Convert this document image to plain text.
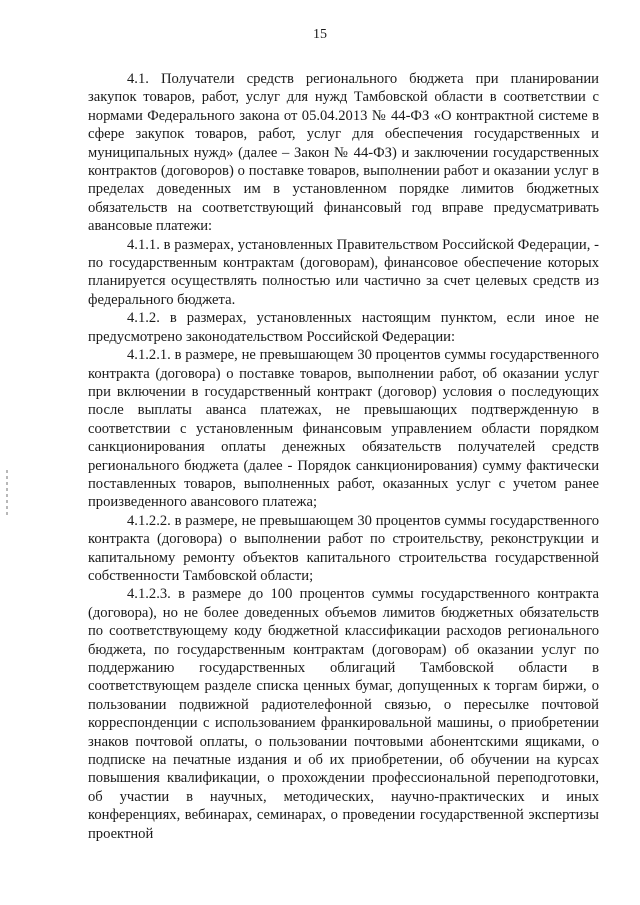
15

4.1. Получатели средств регионального бюджета при планировании закупок товаров, работ, услуг для нужд Тамбовской области в соответствии с нормами Федерального закона от 05.04.2013 № 44-ФЗ «О контрактной системе в сфере закупок товаров, работ, услуг для обеспечения государственных и муниципальных нужд» (далее – Закон № 44-ФЗ) и заключении государственных контрактов (договоров) о поставке товаров, выполнении работ и оказании услуг в пределах доведенных им в установленном порядке лимитов бюджетных обязательств на соответствующий финансовый год вправе предусматривать авансовые платежи:

4.1.1. в размерах, установленных Правительством Российской Федерации, - по государственным контрактам (договорам), финансовое обеспечение которых планируется осуществлять полностью или частично за счет целевых средств из федерального бюджета.

4.1.2. в размерах, установленных настоящим пунктом, если иное не предусмотрено законодательством Российской Федерации:

4.1.2.1. в размере, не превышающем 30 процентов суммы государственного контракта (договора) о поставке товаров, выполнении работ, об оказании услуг при включении в государственный контракт (договор) условия о последующих после выплаты аванса платежах, не превышающих подтвержденную в соответствии с установленным финансовым управлением области порядком санкционирования оплаты денежных обязательств получателей средств регионального бюджета (далее - Порядок санкционирования) сумму фактически поставленных товаров, выполненных работ, оказанных услуг с учетом ранее произведенного авансового платежа;

4.1.2.2. в размере, не превышающем 30 процентов суммы государственного контракта (договора) о выполнении работ по строительству, реконструкции и капитальному ремонту объектов капитального строительства государственной собственности Тамбовской области;

4.1.2.3. в размере до 100 процентов суммы государственного контракта (договора), но не более доведенных объемов лимитов бюджетных обязательств по соответствующему коду бюджетной классификации расходов регионального бюджета, по государственным контрактам (договорам) об оказании услуг по поддержанию государственных облигаций Тамбовской области в соответствующем разделе списка ценных бумаг, допущенных к торгам биржи, о пользовании подвижной радиотелефонной связью, о пересылке почтовой корреспонденции с использованием франкировальной машины, о приобретении знаков почтовой оплаты, о пользовании почтовыми абонентскими ящиками, о подписке на печатные издания и об их приобретении, об обучении на курсах повышения квалификации, о прохождении профессиональной переподготовки, об участии в научных, методических, научно-практических и иных конференциях, вебинарах, семинарах, о проведении государственной экспертизы проектной
